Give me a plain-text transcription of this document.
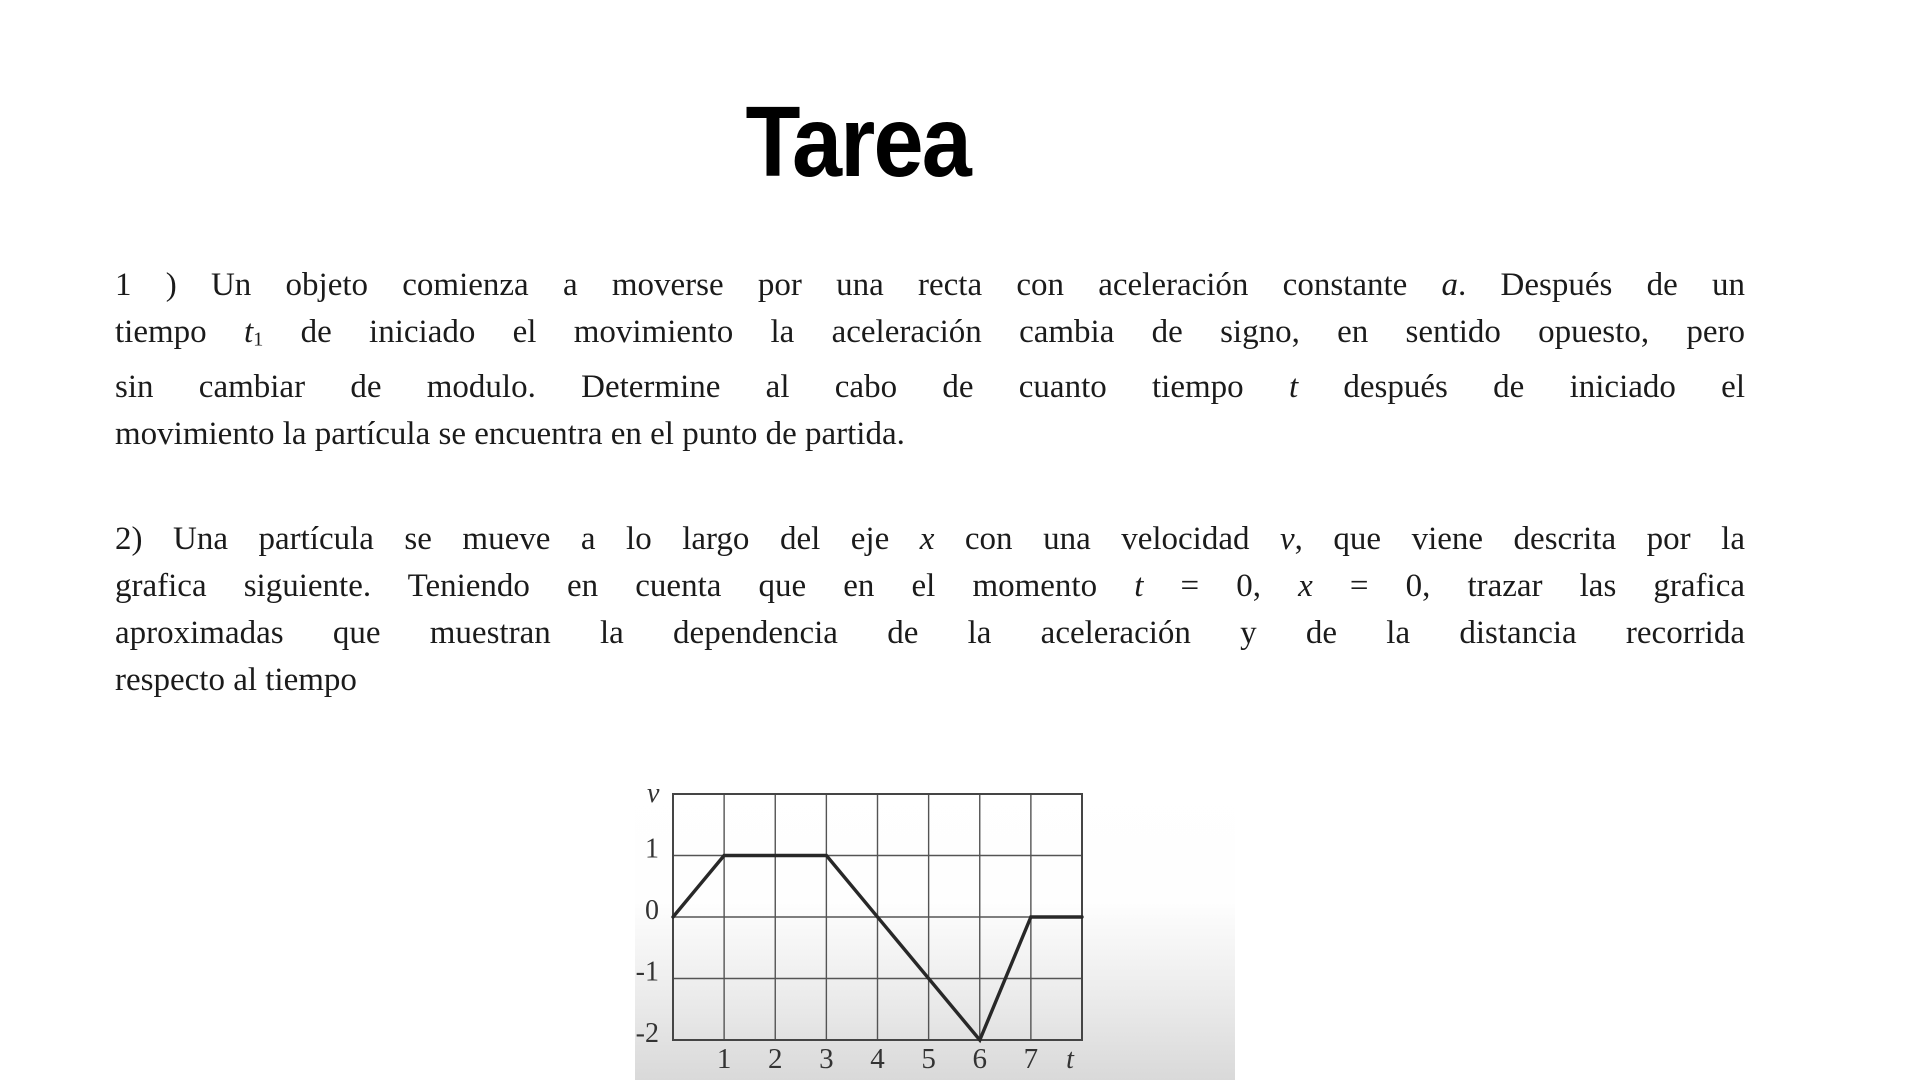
Tarea
1 ) Un objeto comienza a moverse por una recta con aceleración constante a. Después de un
tiempo t1 de iniciado el movimiento la aceleración cambia de signo, en sentido opuesto, pero
sin cambiar de modulo. Determine al cabo de cuanto tiempo t después de iniciado el
movimiento la partícula se encuentra en el punto de partida.
2) Una partícula se mueve a lo largo del eje x con una velocidad v, que viene descrita por la
grafica siguiente. Teniendo en cuenta que en el momento t = 0, x = 0, trazar las grafica
aproximadas que muestran la dependencia de la aceleración y de la distancia recorrida
respecto al tiempo
1 2 3 4 5 6 7
1
0
-1
-2
v
t
